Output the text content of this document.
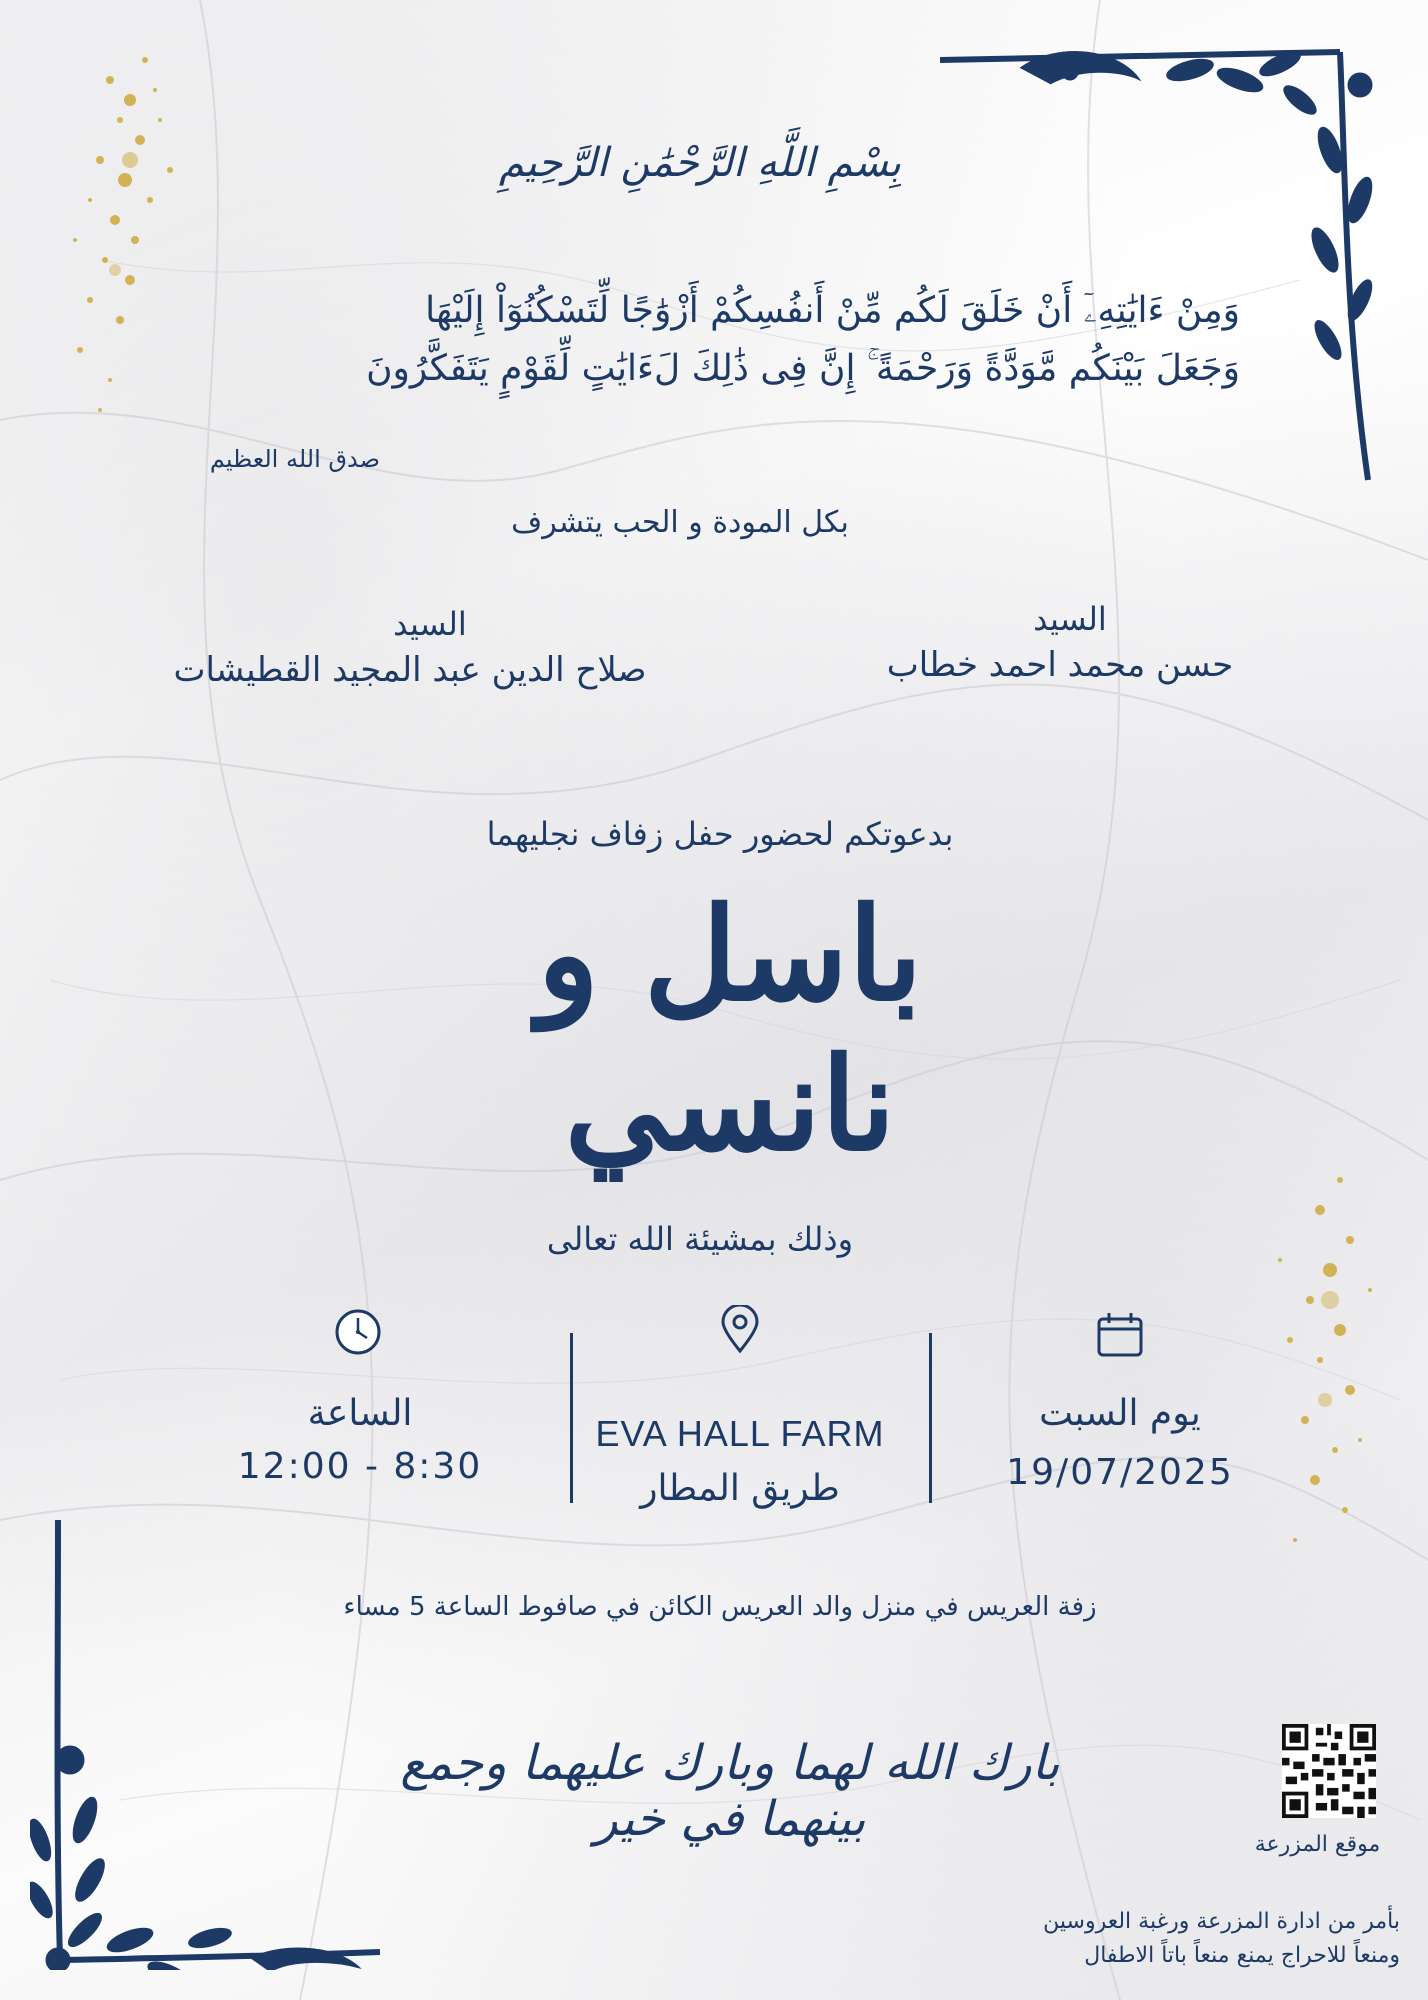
بِسْمِ اللَّهِ الرَّحْمَٰنِ الرَّحِيمِ
وَمِنْ ءَايَٰتِهِۦٓ أَنْ خَلَقَ لَكُم مِّنْ أَنفُسِكُمْ أَزْوَٰجًا لِّتَسْكُنُوٓاْ إِلَيْهَا
وَجَعَلَ بَيْنَكُم مَّوَدَّةً وَرَحْمَةً ۚ إِنَّ فِى ذَٰلِكَ لَءَايَٰتٍ لِّقَوْمٍ يَتَفَكَّرُونَ
صدق الله العظيم
بكل المودة و الحب يتشرف
السيد
حسن محمد احمد خطاب
السيد
صلاح الدين عبد المجيد القطيشات
بدعوتكم لحضور حفل زفاف نجليهما
باسل و نانسي
وذلك بمشيئة الله تعالى
يوم السبت
19/07/2025
EVA HALL FARM
طريق المطار
الساعة
12:00 - 8:30
زفة العريس في منزل والد العريس الكائن في صافوط الساعة 5 مساء
بارك الله لهما وبارك عليهما وجمع بينهما في خير	موقع المزرعة
بأمر من ادارة المزرعة ورغبة العروسين
ومنعاً للاحراج يمنع منعاً باتاً الاطفال
